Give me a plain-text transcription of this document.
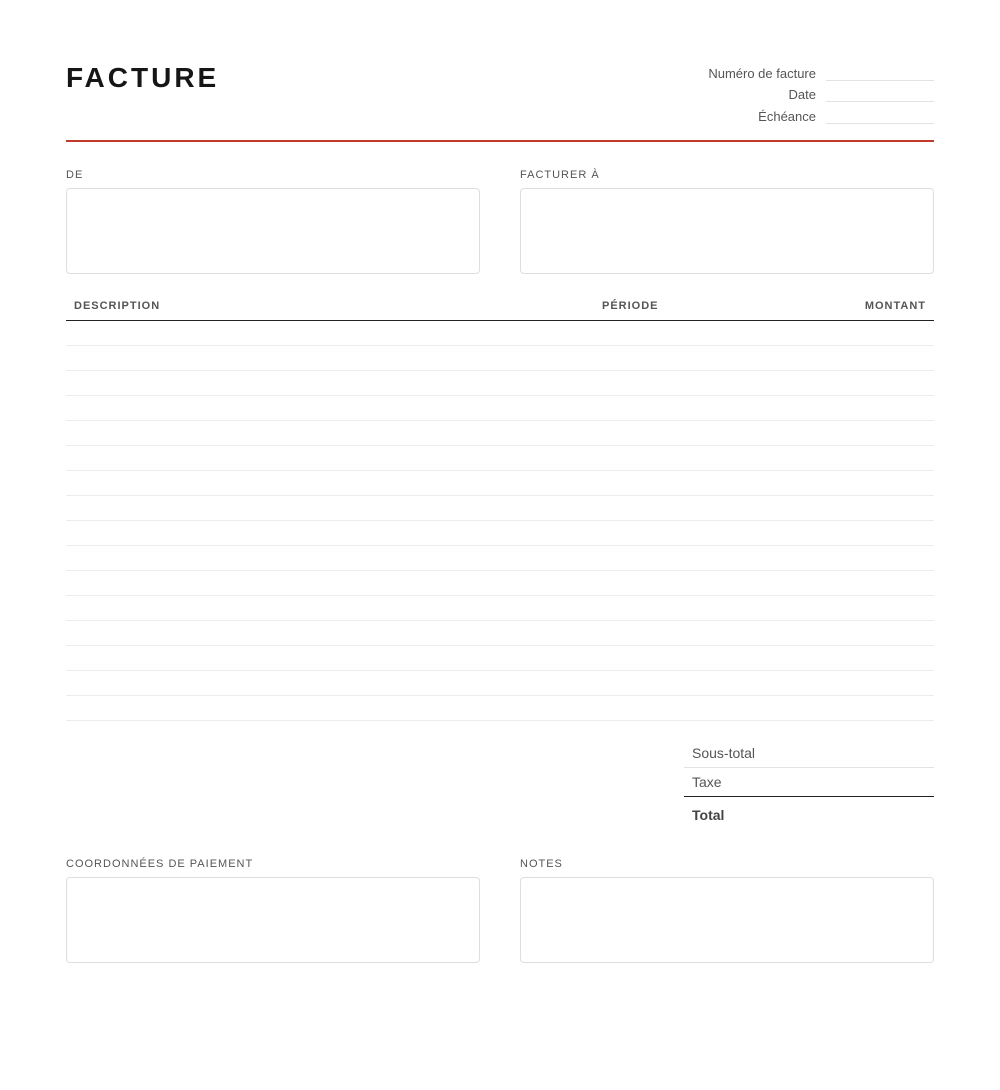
FACTURE	Numéro de facture
Date
Échéance
DE	FACTURER À
DESCRIPTION	PÉRIODE	MONTANT
Sous-total
Taxe
Total
COORDONNÉES DE PAIEMENT	NOTES
